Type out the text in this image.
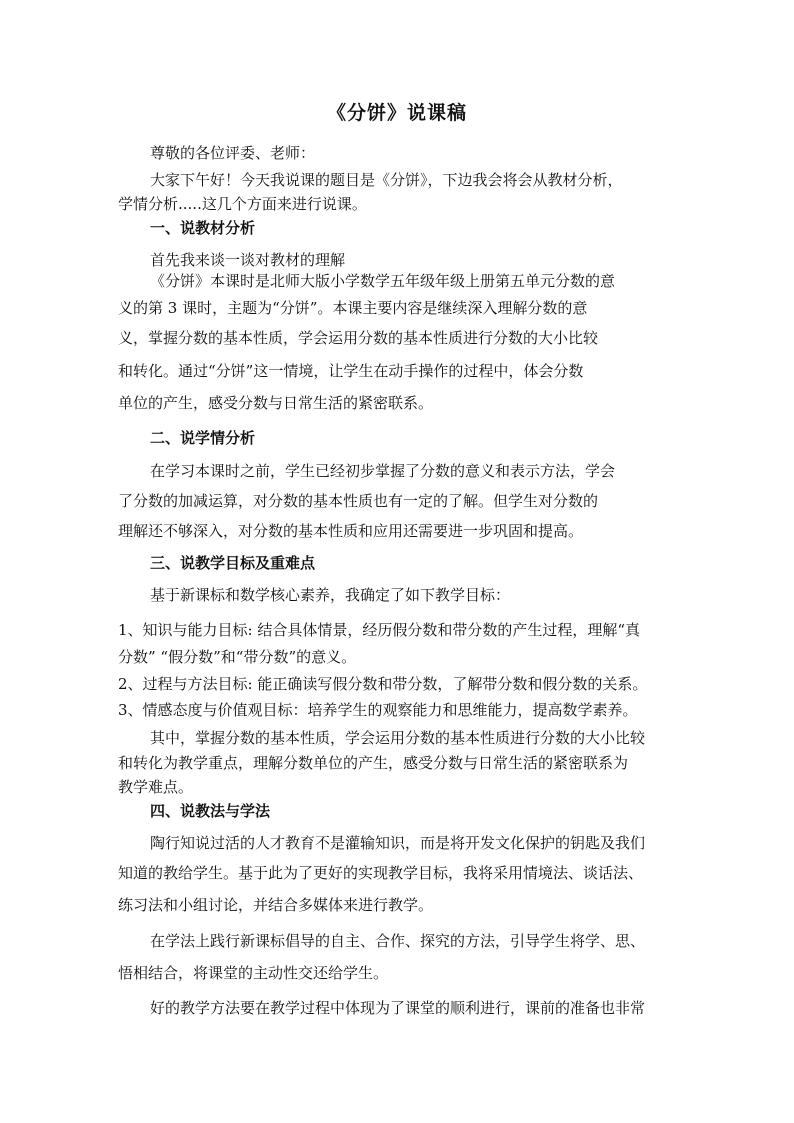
《分饼》说课稿
尊敬的各位评委、老师：
大家下午好！今天我说课的题目是《分饼》，下边我会将会从教材分析，
学情分析.....这几个方面来进行说课。
一、说教材分析
首先我来谈一谈对教材的理解
《分饼》本课时是北师大版小学数学五年级年级上册第五单元分数的意
义的第 3 课时，主题为“分饼”。本课主要内容是继续深入理解分数的意
义，掌握分数的基本性质，学会运用分数的基本性质进行分数的大小比较
和转化。通过“分饼”这一情境，让学生在动手操作的过程中，体会分数
单位的产生，感受分数与日常生活的紧密联系。
二、说学情分析
在学习本课时之前，学生已经初步掌握了分数的意义和表示方法，学会
了分数的加减运算，对分数的基本性质也有一定的了解。但学生对分数的
理解还不够深入，对分数的基本性质和应用还需要进一步巩固和提高。
三、说教学目标及重难点
基于新课标和数学核心素养，我确定了如下教学目标：
1、知识与能力目标: 结合具体情景，经历假分数和带分数的产生过程，理解“真
分数” “假分数”和“带分数”的意义。
2、过程与方法目标: 能正确读写假分数和带分数，了解带分数和假分数的关系。
3、情感态度与价值观目标：培养学生的观察能力和思维能力，提高数学素养。
其中，掌握分数的基本性质，学会运用分数的基本性质进行分数的大小比较
和转化为教学重点，理解分数单位的产生，感受分数与日常生活的紧密联系为
教学难点。
四、说教法与学法
陶行知说过活的人才教育不是灌输知识，而是将开发文化保护的钥匙及我们
知道的教给学生。基于此为了更好的实现教学目标，我将采用情境法、谈话法、
练习法和小组讨论，并结合多媒体来进行教学。
在学法上践行新课标倡导的自主、合作、探究的方法，引导学生将学、思、
悟相结合，将课堂的主动性交还给学生。
好的教学方法要在教学过程中体现为了课堂的顺利进行，课前的准备也非常
